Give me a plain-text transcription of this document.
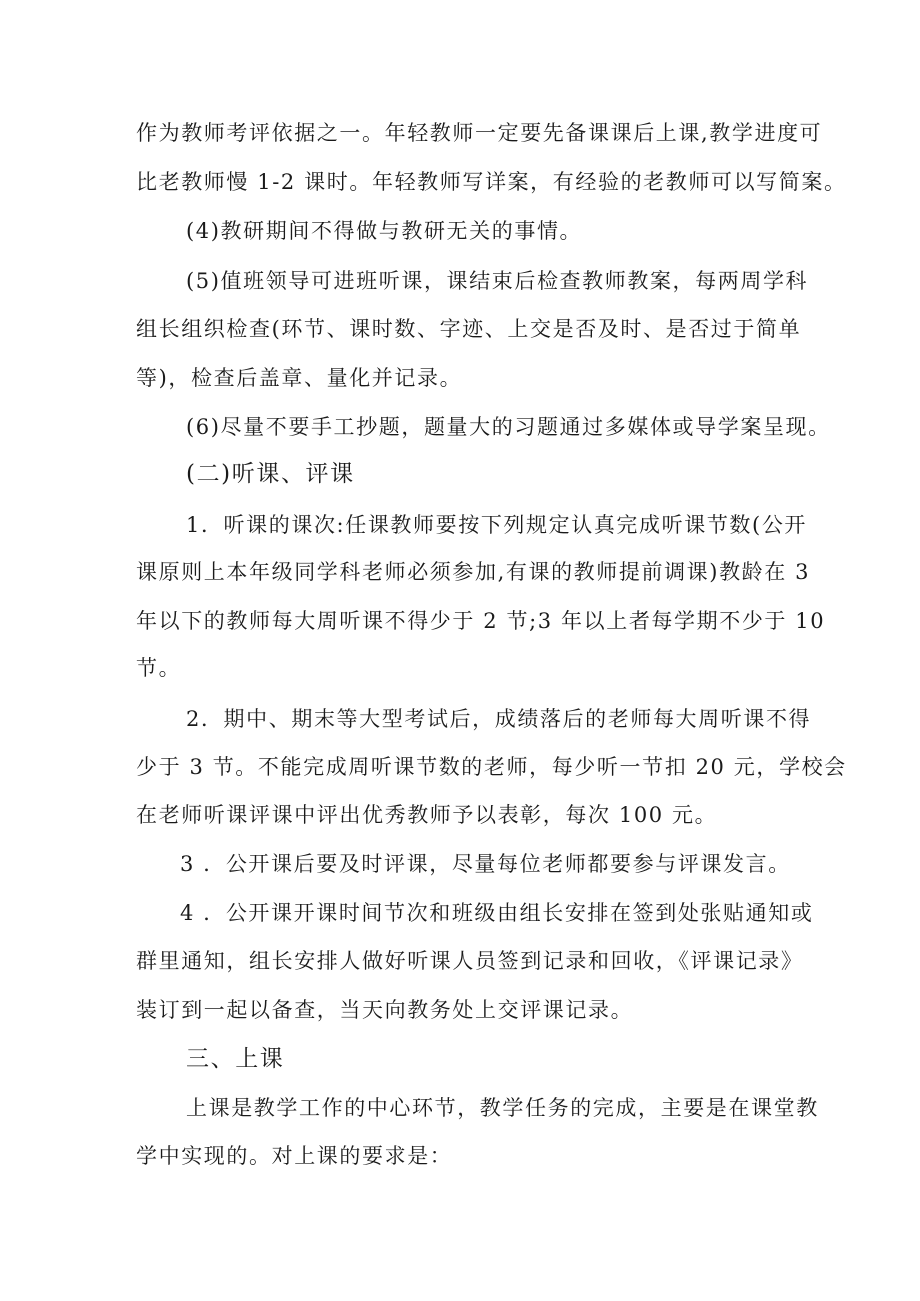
作为教师考评依据之一。年轻教师一定要先备课课后上课,教学进度可
比老教师慢 1-2 课时。年轻教师写详案，有经验的老教师可以写简案。
(4)教研期间不得做与教研无关的事情。
(5)值班领导可进班听课，课结束后检查教师教案，每两周学科
组长组织检查(环节、课时数、字迹、上交是否及时、是否过于简单
等)，检查后盖章、量化并记录。
(6)尽量不要手工抄题，题量大的习题通过多媒体或导学案呈现。
(二)听课、评课
1．听课的课次:任课教师要按下列规定认真完成听课节数(公开
课原则上本年级同学科老师必须参加,有课的教师提前调课)教龄在 3
年以下的教师每大周听课不得少于 2 节;3 年以上者每学期不少于 10
节。
2．期中、期末等大型考试后，成绩落后的老师每大周听课不得
少于 3 节。不能完成周听课节数的老师，每少听一节扣 20 元，学校会
在老师听课评课中评出优秀教师予以表彰，每次 100 元。
3 ．公开课后要及时评课，尽量每位老师都要参与评课发言。
4 ．公开课开课时间节次和班级由组长安排在签到处张贴通知或
群里通知，组长安排人做好听课人员签到记录和回收，《评课记录》
装订到一起以备查，当天向教务处上交评课记录。
三、上课
上课是教学工作的中心环节，教学任务的完成，主要是在课堂教
学中实现的。对上课的要求是：
